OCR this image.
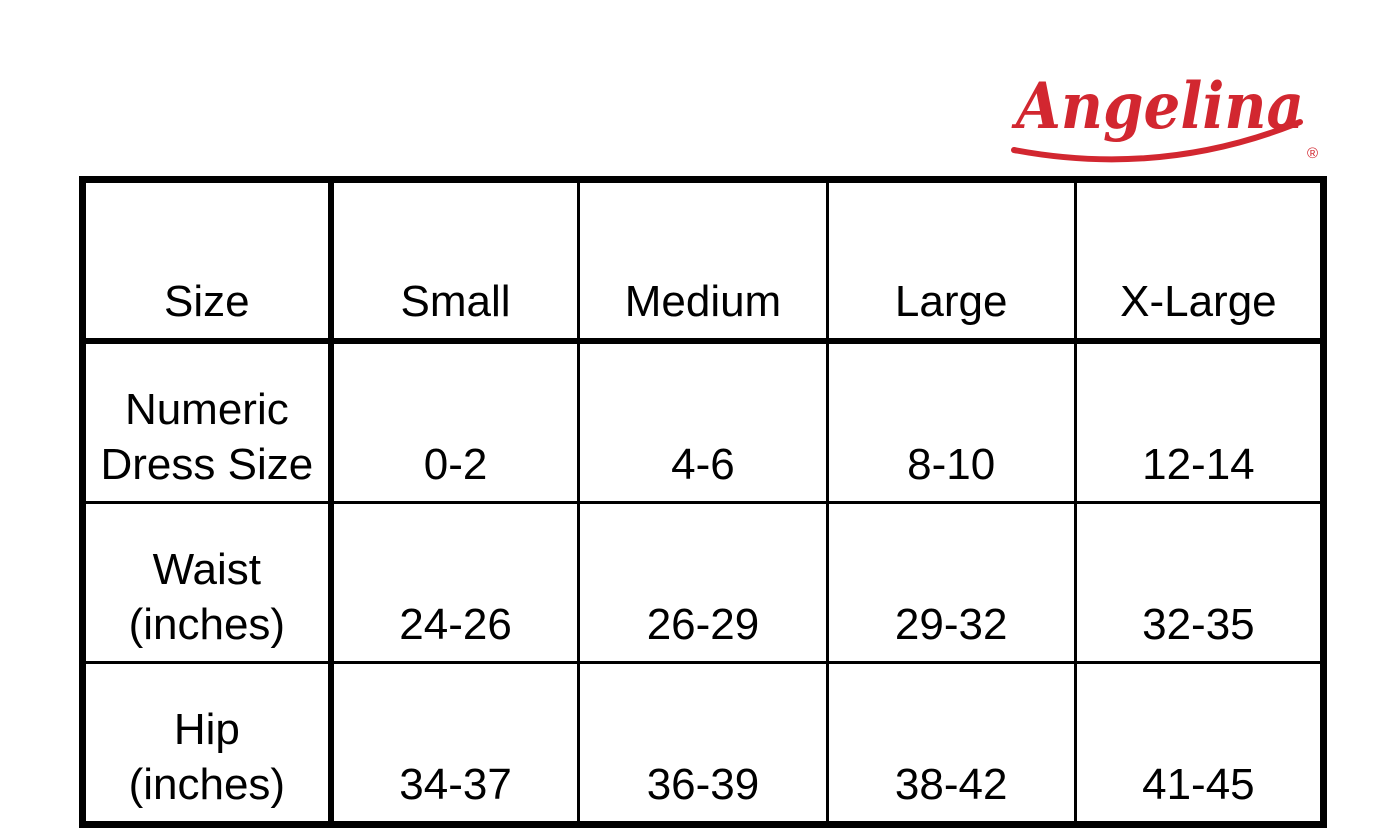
Angelina
®
Size	Small	Medium	Large	X-Large

Numeric
Dress Size	0-2	4-6	8-10	12-14

Waist
(inches)	24-26	26-29	29-32	32-35

Hip
(inches)	34-37	36-39	38-42	41-45
